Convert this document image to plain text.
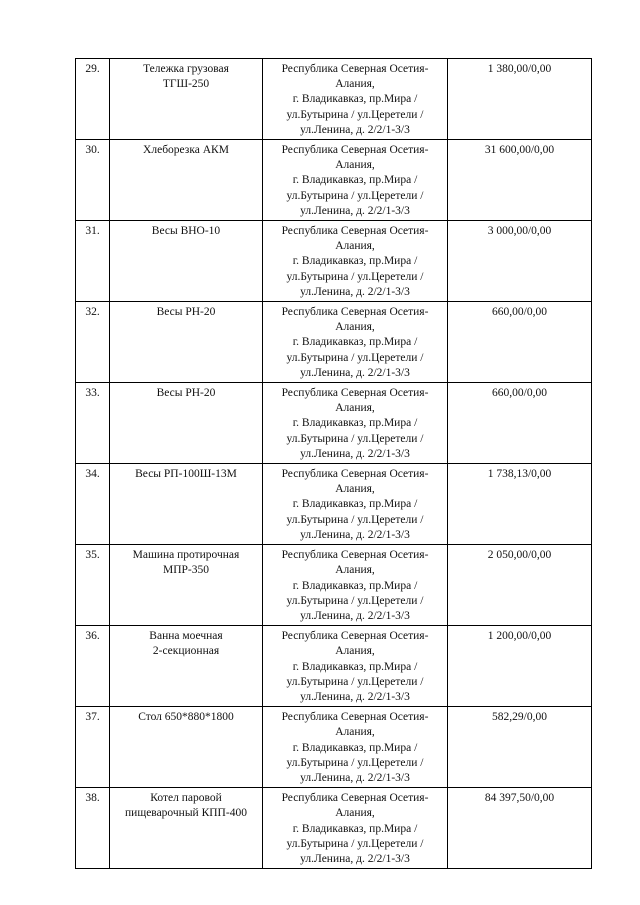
29.	Тележка грузовая
ТГШ-250	Республика Северная Осетия-
Алания,
г. Владикавказ, пр.Мира /
ул.Бутырина / ул.Церетели /
ул.Ленина, д. 2/2/1-3/3	1 380,00/0,00
30.	Хлеборезка АКМ	Республика Северная Осетия-
Алания,
г. Владикавказ, пр.Мира /
ул.Бутырина / ул.Церетели /
ул.Ленина, д. 2/2/1-3/3	31 600,00/0,00
31.	Весы ВНО-10	Республика Северная Осетия-
Алания,
г. Владикавказ, пр.Мира /
ул.Бутырина / ул.Церетели /
ул.Ленина, д. 2/2/1-3/3	3 000,00/0,00
32.	Весы РН-20	Республика Северная Осетия-
Алания,
г. Владикавказ, пр.Мира /
ул.Бутырина / ул.Церетели /
ул.Ленина, д. 2/2/1-3/3	660,00/0,00
33.	Весы РН-20	Республика Северная Осетия-
Алания,
г. Владикавказ, пр.Мира /
ул.Бутырина / ул.Церетели /
ул.Ленина, д. 2/2/1-3/3	660,00/0,00
34.	Весы РП-100Ш-13М	Республика Северная Осетия-
Алания,
г. Владикавказ, пр.Мира /
ул.Бутырина / ул.Церетели /
ул.Ленина, д. 2/2/1-3/3	1 738,13/0,00
35.	Машина протирочная
МПР-350	Республика Северная Осетия-
Алания,
г. Владикавказ, пр.Мира /
ул.Бутырина / ул.Церетели /
ул.Ленина, д. 2/2/1-3/3	2 050,00/0,00
36.	Ванна моечная
2-секционная	Республика Северная Осетия-
Алания,
г. Владикавказ, пр.Мира /
ул.Бутырина / ул.Церетели /
ул.Ленина, д. 2/2/1-3/3	1 200,00/0,00
37.	Стол 650*880*1800	Республика Северная Осетия-
Алания,
г. Владикавказ, пр.Мира /
ул.Бутырина / ул.Церетели /
ул.Ленина, д. 2/2/1-3/3	582,29/0,00
38.	Котел паровой
пищеварочный КПП-400	Республика Северная Осетия-
Алания,
г. Владикавказ, пр.Мира /
ул.Бутырина / ул.Церетели /
ул.Ленина, д. 2/2/1-3/3	84 397,50/0,00
